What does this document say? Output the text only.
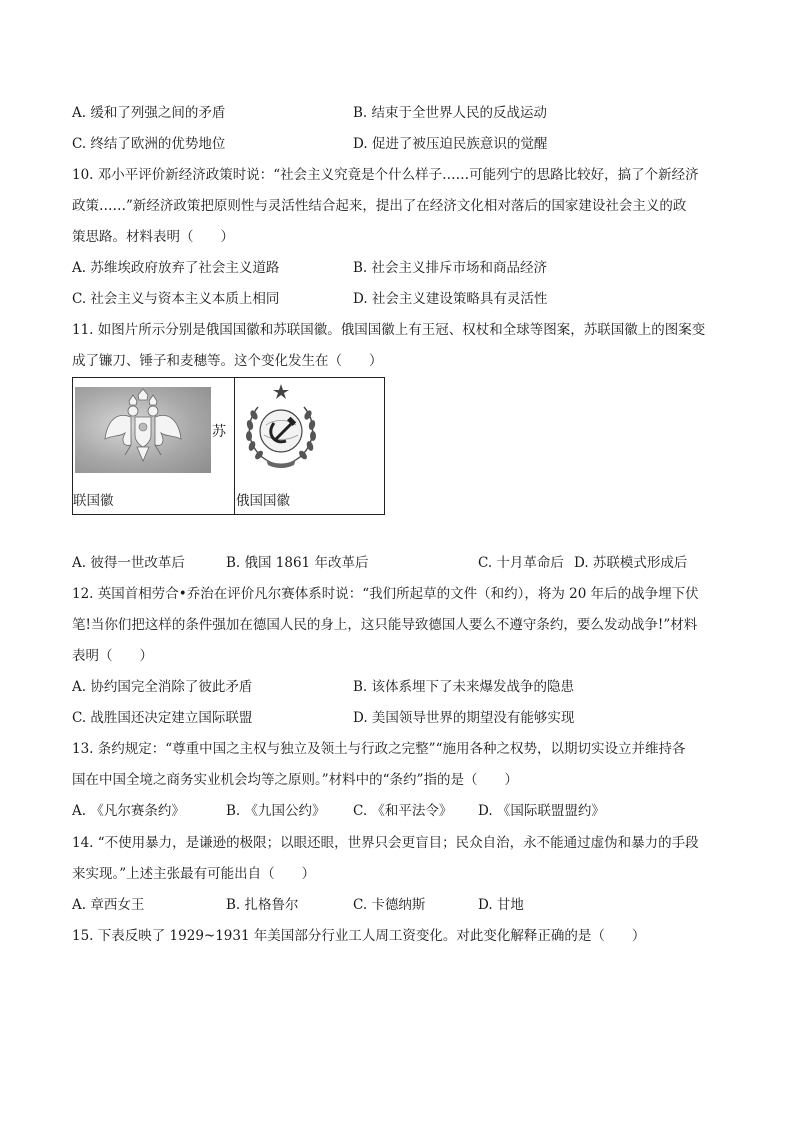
A. 缓和了列强之间的矛盾	B. 结束于全世界人民的反战运动
C. 终结了欧洲的优势地位	D. 促进了被压迫民族意识的觉醒
10. 邓小平评价新经济政策时说：“社会主义究竟是个什么样子……可能列宁的思路比较好，搞了个新经济
政策……”新经济政策把原则性与灵活性结合起来，提出了在经济文化相对落后的国家建设社会主义的政
策思路。材料表明（　　）
A. 苏维埃政府放弃了社会主义道路	B. 社会主义排斥市场和商品经济
C. 社会主义与资本主义本质上相同	D. 社会主义建设策略具有灵活性
11. 如图片所示分别是俄国国徽和苏联国徽。俄国国徽上有王冠、权杖和全球等图案，苏联国徽上的图案变
成了镰刀、锤子和麦穗等。这个变化发生在（　　）
苏
联国徽	俄国国徽
A. 彼得一世改革后	B. 俄国 1861 年改革后	C. 十月革命后 D. 苏联模式形成后
12. 英国首相劳合•乔治在评价凡尔赛体系时说：“我们所起草的文件（和约），将为 20 年后的战争埋下伏
笔!当你们把这样的条件强加在德国人民的身上，这只能导致德国人要么不遵守条约，要么发动战争!”材料
表明（　　）
A. 协约国完全消除了彼此矛盾	B. 该体系埋下了未来爆发战争的隐患
C. 战胜国还决定建立国际联盟	D. 美国领导世界的期望没有能够实现
13. 条约规定：“尊重中国之主权与独立及领土与行政之完整”“施用各种之权势，以期切实设立并维持各
国在中国全境之商务实业机会均等之原则。”材料中的“条约”指的是（　　）
A. 《凡尔赛条约》	B. 《九国公约》 C. 《和平法令》 D. 《国际联盟盟约》
14. “不使用暴力，是谦逊的极限；以眼还眼，世界只会更盲目；民众自治，永不能通过虚伪和暴力的手段
来实现。”上述主张最有可能出自（　　）
A. 章西女王	B. 扎格鲁尔	C. 卡德纳斯	D. 甘地
15. 下表反映了 1929~1931 年美国部分行业工人周工资变化。对此变化解释正确的是（　　）
